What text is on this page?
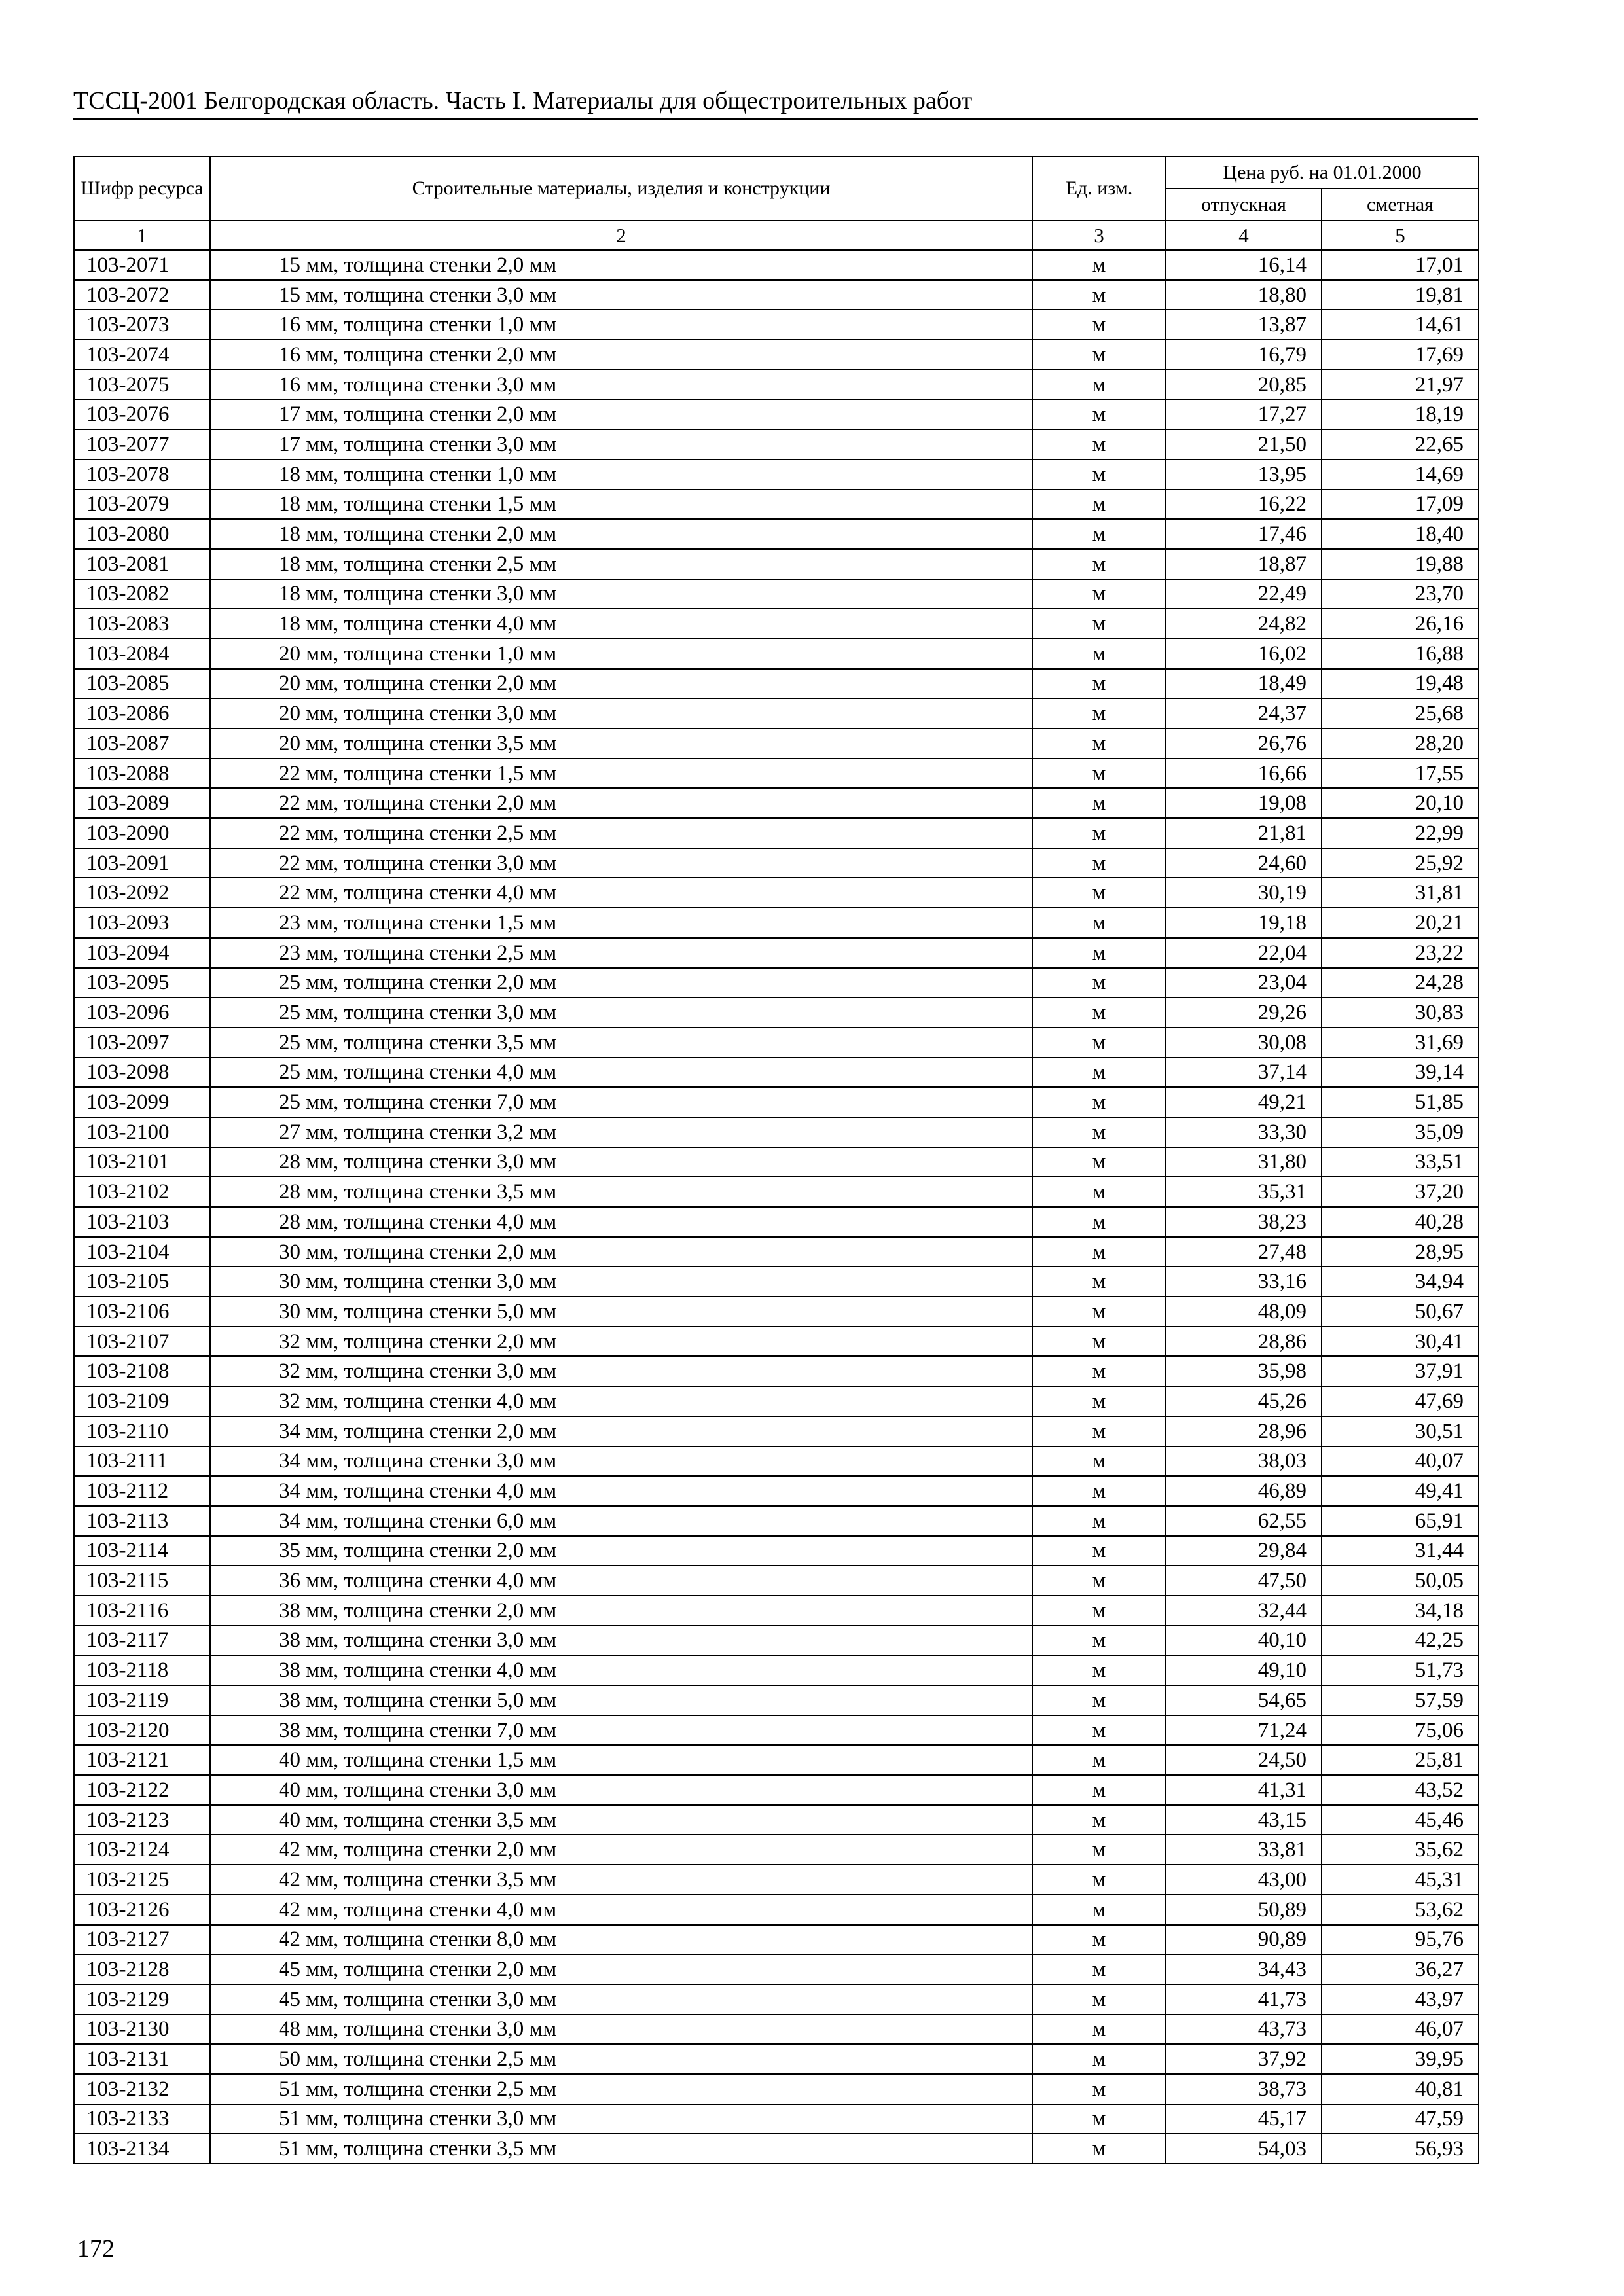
ТССЦ-2001 Белгородская область. Часть I. Материалы для общестроительных работ
Шифр ресурса	Строительные материалы, изделия и конструкции	Ед. изм.	Цена руб. на 01.01.2000	
			отпускная	сметная
1	2	3	4	5
103-2071	15 мм, толщина стенки 2,0 мм	м	16,14	17,01
103-2072	15 мм, толщина стенки 3,0 мм	м	18,80	19,81
103-2073	16 мм, толщина стенки 1,0 мм	м	13,87	14,61
103-2074	16 мм, толщина стенки 2,0 мм	м	16,79	17,69
103-2075	16 мм, толщина стенки 3,0 мм	м	20,85	21,97
103-2076	17 мм, толщина стенки 2,0 мм	м	17,27	18,19
103-2077	17 мм, толщина стенки 3,0 мм	м	21,50	22,65
103-2078	18 мм, толщина стенки 1,0 мм	м	13,95	14,69
103-2079	18 мм, толщина стенки 1,5 мм	м	16,22	17,09
103-2080	18 мм, толщина стенки 2,0 мм	м	17,46	18,40
103-2081	18 мм, толщина стенки 2,5 мм	м	18,87	19,88
103-2082	18 мм, толщина стенки 3,0 мм	м	22,49	23,70
103-2083	18 мм, толщина стенки 4,0 мм	м	24,82	26,16
103-2084	20 мм, толщина стенки 1,0 мм	м	16,02	16,88
103-2085	20 мм, толщина стенки 2,0 мм	м	18,49	19,48
103-2086	20 мм, толщина стенки 3,0 мм	м	24,37	25,68
103-2087	20 мм, толщина стенки 3,5 мм	м	26,76	28,20
103-2088	22 мм, толщина стенки 1,5 мм	м	16,66	17,55
103-2089	22 мм, толщина стенки 2,0 мм	м	19,08	20,10
103-2090	22 мм, толщина стенки 2,5 мм	м	21,81	22,99
103-2091	22 мм, толщина стенки 3,0 мм	м	24,60	25,92
103-2092	22 мм, толщина стенки 4,0 мм	м	30,19	31,81
103-2093	23 мм, толщина стенки 1,5 мм	м	19,18	20,21
103-2094	23 мм, толщина стенки 2,5 мм	м	22,04	23,22
103-2095	25 мм, толщина стенки 2,0 мм	м	23,04	24,28
103-2096	25 мм, толщина стенки 3,0 мм	м	29,26	30,83
103-2097	25 мм, толщина стенки 3,5 мм	м	30,08	31,69
103-2098	25 мм, толщина стенки 4,0 мм	м	37,14	39,14
103-2099	25 мм, толщина стенки 7,0 мм	м	49,21	51,85
103-2100	27 мм, толщина стенки 3,2 мм	м	33,30	35,09
103-2101	28 мм, толщина стенки 3,0 мм	м	31,80	33,51
103-2102	28 мм, толщина стенки 3,5 мм	м	35,31	37,20
103-2103	28 мм, толщина стенки 4,0 мм	м	38,23	40,28
103-2104	30 мм, толщина стенки 2,0 мм	м	27,48	28,95
103-2105	30 мм, толщина стенки 3,0 мм	м	33,16	34,94
103-2106	30 мм, толщина стенки 5,0 мм	м	48,09	50,67
103-2107	32 мм, толщина стенки 2,0 мм	м	28,86	30,41
103-2108	32 мм, толщина стенки 3,0 мм	м	35,98	37,91
103-2109	32 мм, толщина стенки 4,0 мм	м	45,26	47,69
103-2110	34 мм, толщина стенки 2,0 мм	м	28,96	30,51
103-2111	34 мм, толщина стенки 3,0 мм	м	38,03	40,07
103-2112	34 мм, толщина стенки 4,0 мм	м	46,89	49,41
103-2113	34 мм, толщина стенки 6,0 мм	м	62,55	65,91
103-2114	35 мм, толщина стенки 2,0 мм	м	29,84	31,44
103-2115	36 мм, толщина стенки 4,0 мм	м	47,50	50,05
103-2116	38 мм, толщина стенки 2,0 мм	м	32,44	34,18
103-2117	38 мм, толщина стенки 3,0 мм	м	40,10	42,25
103-2118	38 мм, толщина стенки 4,0 мм	м	49,10	51,73
103-2119	38 мм, толщина стенки 5,0 мм	м	54,65	57,59
103-2120	38 мм, толщина стенки 7,0 мм	м	71,24	75,06
103-2121	40 мм, толщина стенки 1,5 мм	м	24,50	25,81
103-2122	40 мм, толщина стенки 3,0 мм	м	41,31	43,52
103-2123	40 мм, толщина стенки 3,5 мм	м	43,15	45,46
103-2124	42 мм, толщина стенки 2,0 мм	м	33,81	35,62
103-2125	42 мм, толщина стенки 3,5 мм	м	43,00	45,31
103-2126	42 мм, толщина стенки 4,0 мм	м	50,89	53,62
103-2127	42 мм, толщина стенки 8,0 мм	м	90,89	95,76
103-2128	45 мм, толщина стенки 2,0 мм	м	34,43	36,27
103-2129	45 мм, толщина стенки 3,0 мм	м	41,73	43,97
103-2130	48 мм, толщина стенки 3,0 мм	м	43,73	46,07
103-2131	50 мм, толщина стенки 2,5 мм	м	37,92	39,95
103-2132	51 мм, толщина стенки 2,5 мм	м	38,73	40,81
103-2133	51 мм, толщина стенки 3,0 мм	м	45,17	47,59
103-2134	51 мм, толщина стенки 3,5 мм	м	54,03	56,93
172
